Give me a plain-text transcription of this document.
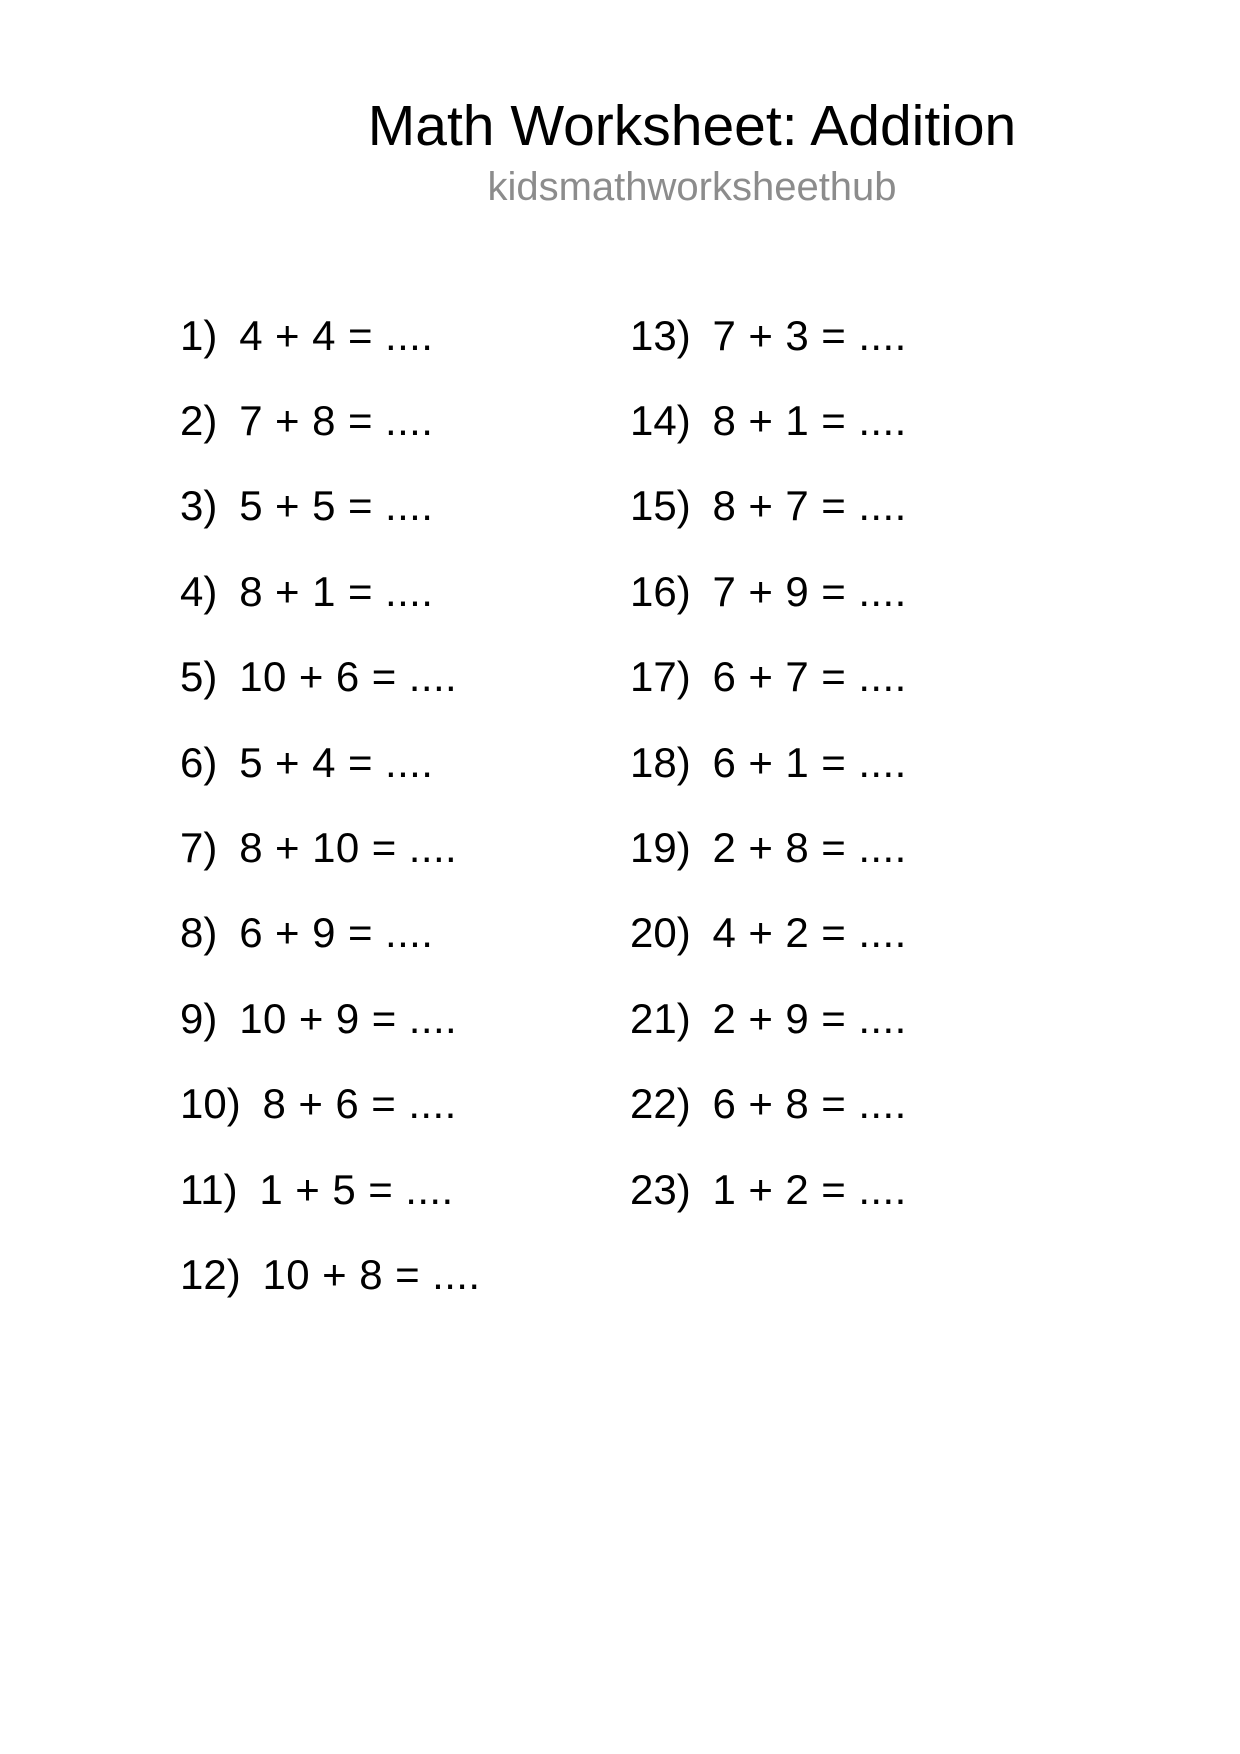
Math Worksheet: Addition
kidsmathworksheethub
1) 4 + 4 = ....
2) 7 + 8 = ....
3) 5 + 5 = ....
4) 8 + 1 = ....
5) 10 + 6 = ....
6) 5 + 4 = ....
7) 8 + 10 = ....
8) 6 + 9 = ....
9) 10 + 9 = ....
10) 8 + 6 = ....
11) 1 + 5 = ....
12) 10 + 8 = ....
13) 7 + 3 = ....
14) 8 + 1 = ....
15) 8 + 7 = ....
16) 7 + 9 = ....
17) 6 + 7 = ....
18) 6 + 1 = ....
19) 2 + 8 = ....
20) 4 + 2 = ....
21) 2 + 9 = ....
22) 6 + 8 = ....
23) 1 + 2 = ....
